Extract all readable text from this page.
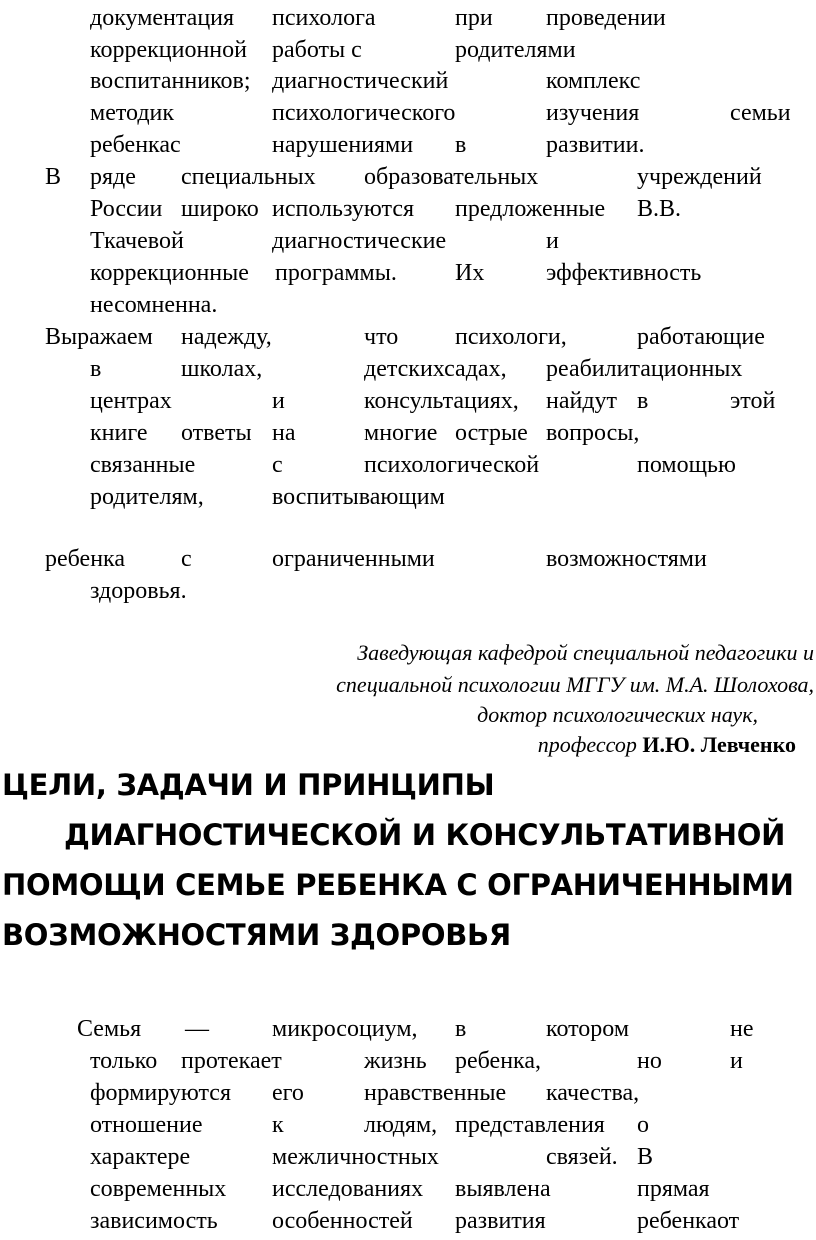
документация психолога	при проведении
коррекционной работы с	родителями
воспитанников; диагностический	комплекс
методик	психологического	изучения	семьи
ребенкас	нарушениями в	развитии.
В ряде специальных образовательных	учреждений
России широко используются предложенные В.В.
Ткачевой	диагностические	и
коррекционные программы. Их	эффективность
несомненна.
Выражаем надежду,	что психологи,	работающие
в	школах,	детскихсадах, реабилитационных
центрах	и	консультациях, найдут в	этой
книге ответы на	многие острые вопросы,
связанные	с	психологической	помощью
родителям,	воспитывающим
ребенка с	ограниченными	возможностями
здоровья.
Заведующая кафедрой специальной педагогики и
специальной психологии МГГУ им. М.А. Шолохова,
доктор психологических наук,
профессор И.Ю. Левченко
ЦЕЛИ, ЗАДАЧИ И ПРИНЦИПЫ
ДИАГНОСТИЧЕСКОЙ И КОНСУЛЬТАТИВНОЙ
ПОМОЩИ СЕМЬЕ РЕБЕНКА С ОГРАНИЧЕННЫМИ
ВОЗМОЖНОСТЯМИ ЗДОРОВЬЯ
Семья —	микросоциум, в	котором	не
только протекает	жизнь ребенка,	но	и
формируются его	нравственные качества,
отношение	к	людям, представления о
характере	межличностных	связей. В
современных исследованиях выявлена	прямая
зависимость особенностей развития	ребенкаот
